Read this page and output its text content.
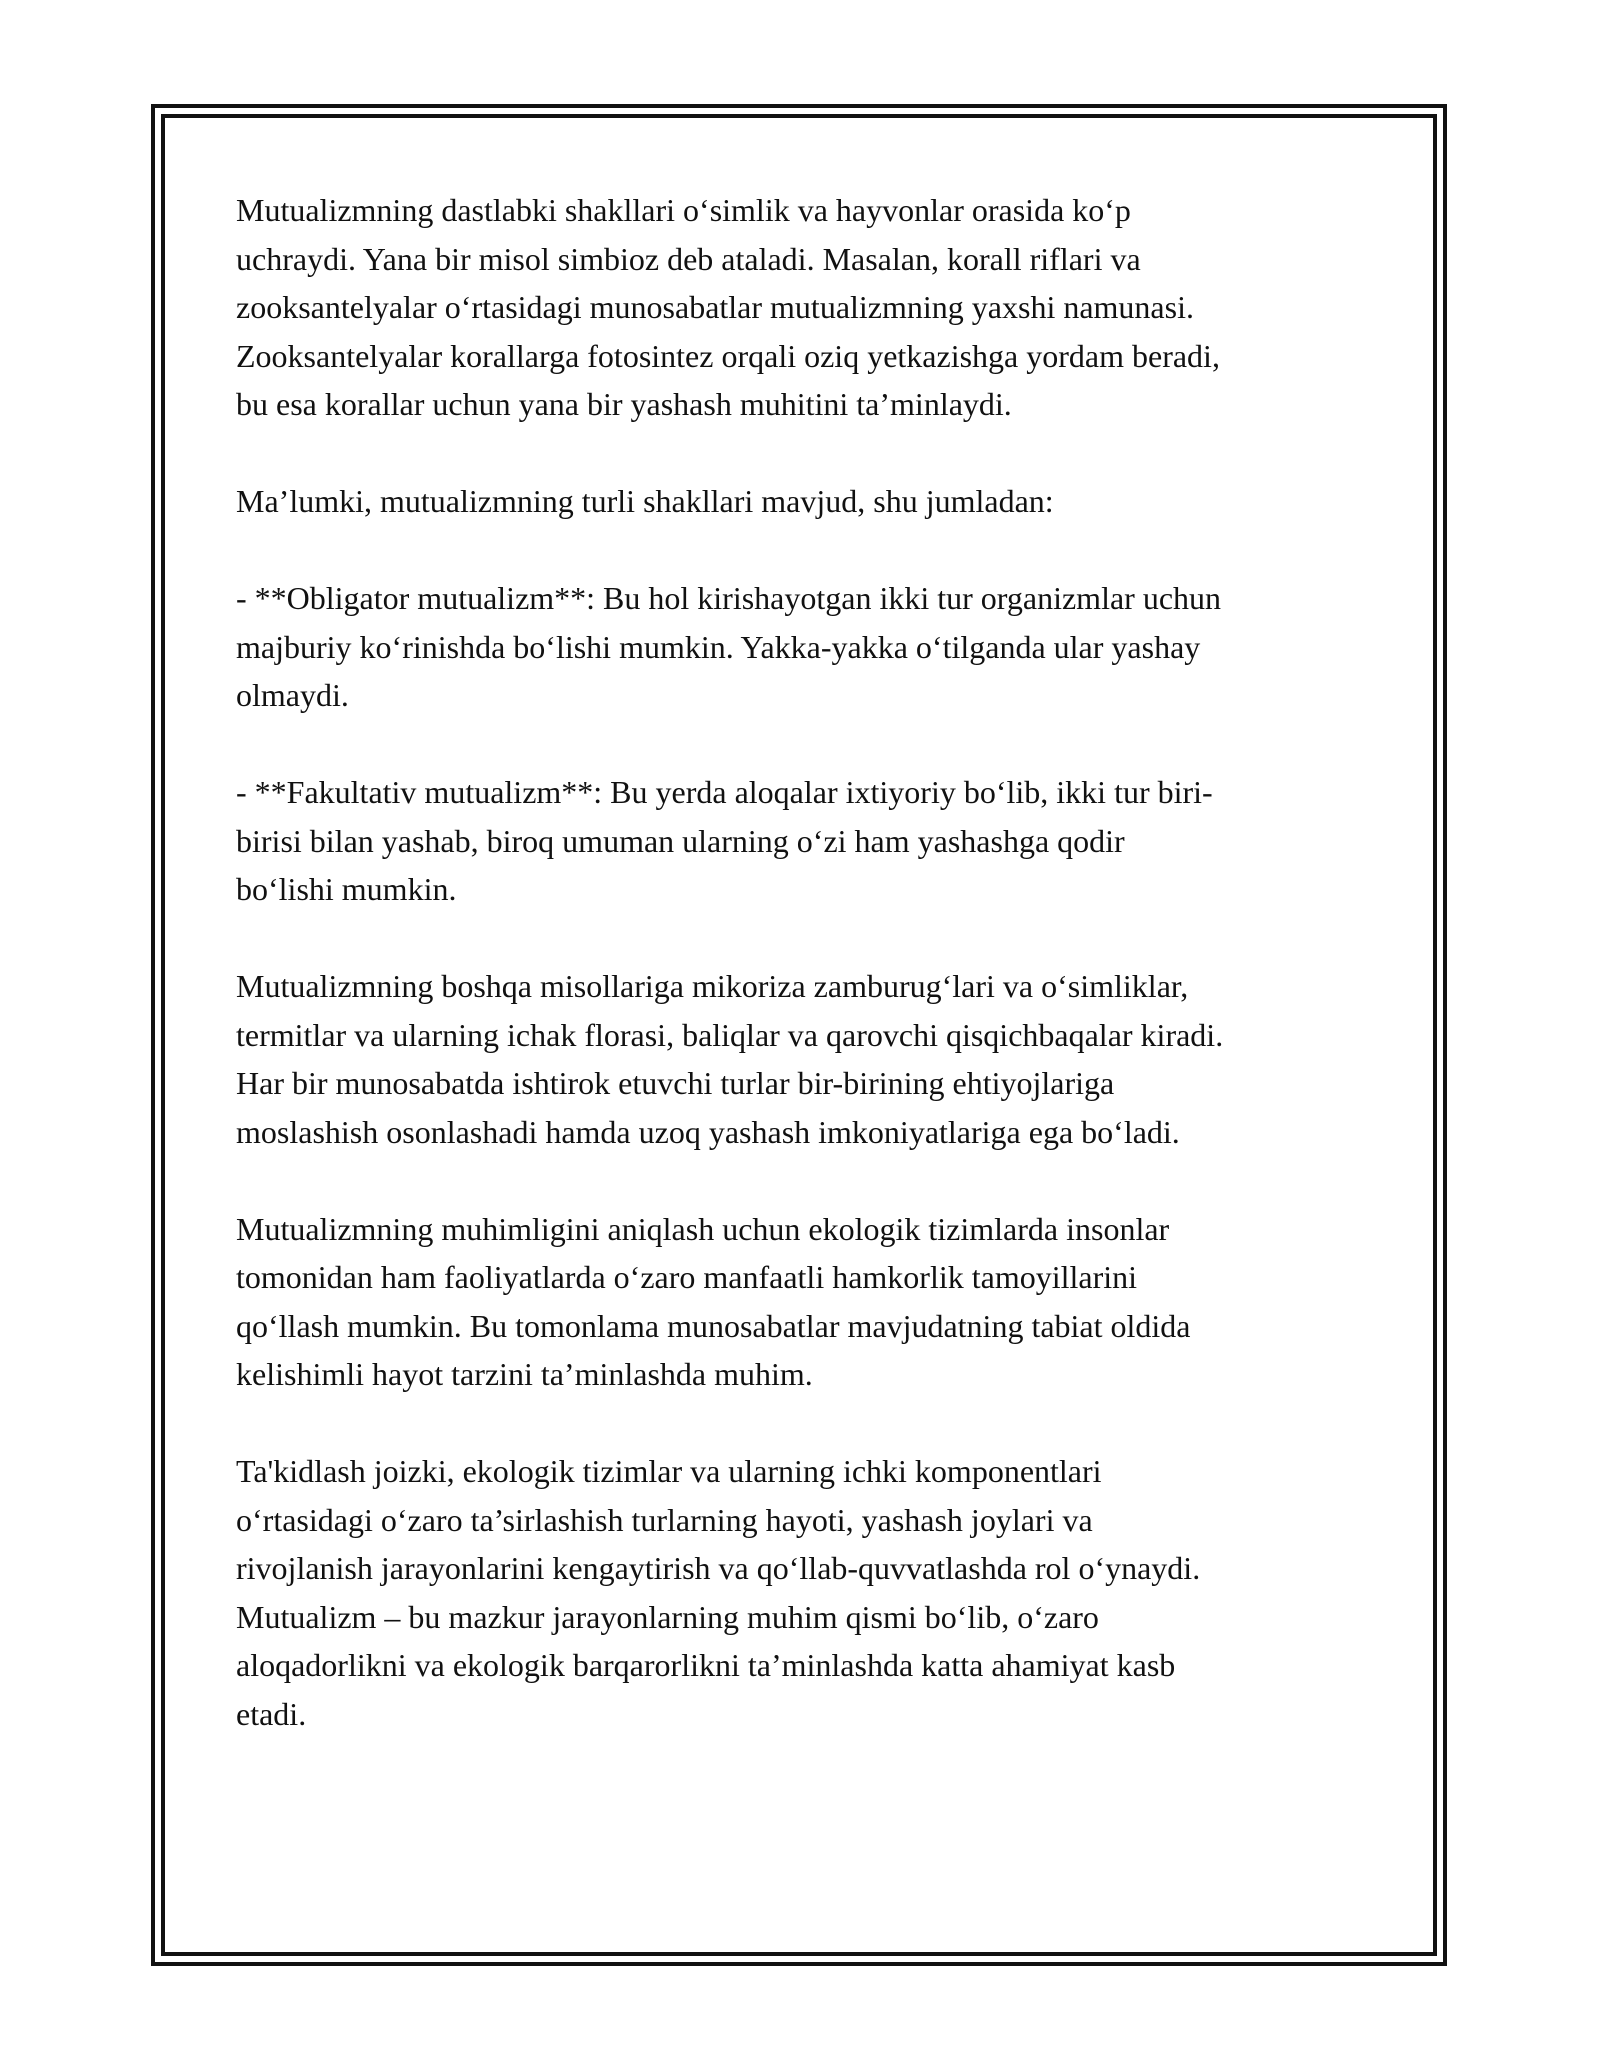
Mutualizmning dastlabki shakllari o‘simlik va hayvonlar orasida ko‘p
uchraydi. Yana bir misol simbioz deb ataladi. Masalan, korall riflari va
zooksantelyalar o‘rtasidagi munosabatlar mutualizmning yaxshi namunasi.
Zooksantelyalar korallarga fotosintez orqali oziq yetkazishga yordam beradi,
bu esa korallar uchun yana bir yashash muhitini ta’minlaydi.

Ma’lumki, mutualizmning turli shakllari mavjud, shu jumladan:

- **Obligator mutualizm**: Bu hol kirishayotgan ikki tur organizmlar uchun
majburiy ko‘rinishda bo‘lishi mumkin. Yakka-yakka o‘tilganda ular yashay
olmaydi.

- **Fakultativ mutualizm**: Bu yerda aloqalar ixtiyoriy bo‘lib, ikki tur biri-
birisi bilan yashab, biroq umuman ularning o‘zi ham yashashga qodir
bo‘lishi mumkin.

Mutualizmning boshqa misollariga mikoriza zamburug‘lari va o‘simliklar,
termitlar va ularning ichak florasi, baliqlar va qarovchi qisqichbaqalar kiradi.
Har bir munosabatda ishtirok etuvchi turlar bir-birining ehtiyojlariga
moslashish osonlashadi hamda uzoq yashash imkoniyatlariga ega bo‘ladi.

Mutualizmning muhimligini aniqlash uchun ekologik tizimlarda insonlar
tomonidan ham faoliyatlarda o‘zaro manfaatli hamkorlik tamoyillarini
qo‘llash mumkin. Bu tomonlama munosabatlar mavjudatning tabiat oldida
kelishimli hayot tarzini ta’minlashda muhim.

Ta'kidlash joizki, ekologik tizimlar va ularning ichki komponentlari
o‘rtasidagi o‘zaro ta’sirlashish turlarning hayoti, yashash joylari va
rivojlanish jarayonlarini kengaytirish va qo‘llab-quvvatlashda rol o‘ynaydi.
Mutualizm – bu mazkur jarayonlarning muhim qismi bo‘lib, o‘zaro
aloqadorlikni va ekologik barqarorlikni ta’minlashda katta ahamiyat kasb
etadi.
